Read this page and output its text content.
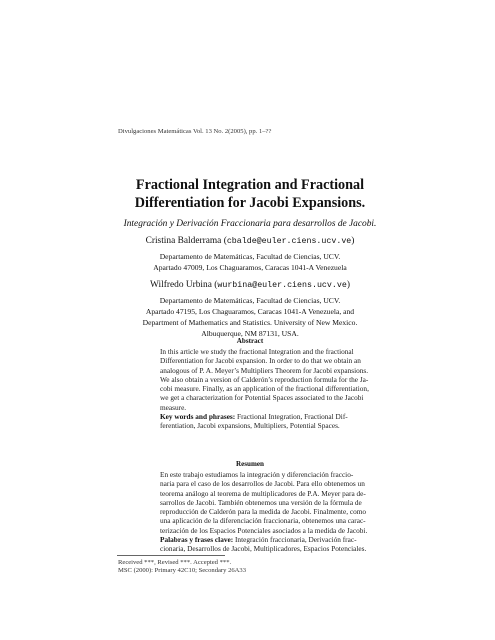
Divulgaciones Matemáticas Vol. 13 No. 2(2005), pp. 1–??
Fractional Integration and Fractional
Differentiation for Jacobi Expansions.
Integración y Derivación Fraccionaria para desarrollos de Jacobi.
Cristina Balderrama (cbalde@euler.ciens.ucv.ve)
Departamento de Matemáticas, Facultad de Ciencias, UCV.
Apartado 47009, Los Chaguaramos, Caracas 1041-A Venezuela
Wilfredo Urbina (wurbina@euler.ciens.ucv.ve)
Departamento de Matemáticas, Facultad de Ciencias, UCV.
Apartado 47195, Los Chaguaramos, Caracas 1041-A Venezuela, and
Department of Mathematics and Statistics. University of New Mexico.
Albuquerque, NM 87131, USA.
Abstract
In this article we study the fractional Integration and the fractional
Differentiation for Jacobi expansion. In order to do that we obtain an
analogous of P. A. Meyer’s Multipliers Theorem for Jacobi expansions.
We also obtain a version of Calderón’s reproduction formula for the Ja-
cobi measure. Finally, as an application of the fractional differentiation,
we get a characterization for Potential Spaces associated to the Jacobi
measure.
Key words and phrases: Fractional Integration, Fractional Dif-
ferentiation, Jacobi expansions, Multipliers, Potential Spaces.
Resumen
En este trabajo estudiamos la integración y diferenciación fraccio-
naria para el caso de los desarrollos de Jacobi. Para ello obtenemos un
teorema análogo al teorema de multiplicadores de P.A. Meyer para de-
sarrollos de Jacobi. También obtenemos una versión de la fórmula de
reproducción de Calderón para la medida de Jacobi. Finalmente, como
una aplicación de la diferenciación fraccionaria, obtenemos una carac-
terización de los Espacios Potenciales asociados a la medida de Jacobi.
Palabras y frases clave: Integración fraccionaria, Derivación frac-
cionaria, Desarrollos de Jacobi, Multiplicadores, Espacios Potenciales.
Received ***, Revised ***. Accepted ***.
MSC (2000): Primary 42C10; Secondary 26A33
